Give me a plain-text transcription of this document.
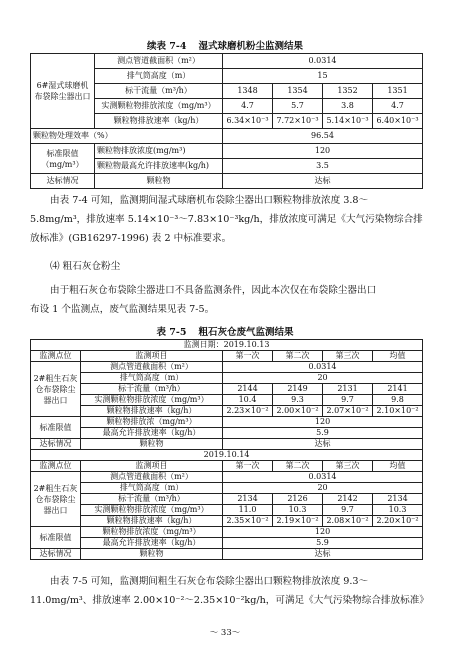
续表 7-4 湿式球磨机粉尘监测结果
6#湿式球磨机布袋除尘器出口	测点管道截面积（m²）	0.0314			
	排气筒高度（m）	15			
	标干流量（m³/h）	1348	1354	1352	1351
	实测颗粒物排放浓度（mg/m³）	4.7	5.7	3.8	4.7
	颗粒物排放速率（kg/h）	6.34×10⁻³	7.72×10⁻³	5.14×10⁻³	6.40×10⁻³
颗粒物处理效率（%）		96.54			
标准限值（mg/m³）	颗粒物排放浓度(mg/m³)	120			
	颗粒物最高允许排放速率(kg/h)	3.5			
达标情况	颗粒物	达标			
由表 7-4 可知，监测期间湿式球磨机布袋除尘器出口颗粒物排放浓度 3.8～
5.8mg/m³，排放速率 5.14×10⁻³～7.83×10⁻³kg/h，排放浓度可满足《大气污染物综合排
放标准》(GB16297-1996) 表 2 中标准要求。
⑷ 粗石灰仓粉尘
由于粗石灰仓布袋除尘器进口不具备监测条件，因此本次仅在布袋除尘器出口
布设 1 个监测点，废气监测结果见表 7-5。
表 7-5 粗石灰仓废气监测结果
监测日期：2019.10.13					
监测点位	监测项目	第一次	第二次	第三次	均值
2#粗生石灰仓布袋除尘器出口	测点管道截面积（m²）	0.0314			
	排气筒高度（m）	20			
	标干流量（m³/h）	2144	2149	2131	2141
	实测颗粒物排放浓度（mg/m³）	10.4	9.3	9.7	9.8
	颗粒物排放速率（kg/h）	2.23×10⁻²	2.00×10⁻²	2.07×10⁻²	2.10×10⁻²
标准限值	颗粒物排放浓（mg/m³）	120			
	最高允许排放速率（kg/h）	5.9			
达标情况	颗粒物	达标			
2019.10.14					
监测点位	监测项目	第一次	第二次	第三次	均值
2#粗生石灰仓布袋除尘器出口	测点管道截面积（m²）	0.0314			
	排气筒高度（m）	20			
	标干流量（m³/h）	2134	2126	2142	2134
	实测颗粒物排放浓度（mg/m³）	11.0	10.3	9.7	10.3
	颗粒物排放速率（kg/h）	2.35×10⁻²	2.19×10⁻²	2.08×10⁻²	2.20×10⁻²
标准限值	颗粒物排放浓度（mg/m³）	120			
	最高允许排放速率（kg/h）	5.9			
达标情况	颗粒物	达标			
由表 7-5 可知，监测期间粗生石灰仓布袋除尘器出口颗粒物排放浓度 9.3～
11.0mg/m³、排放速率 2.00×10⁻²～2.35×10⁻²kg/h，可满足《大气污染物综合排放标准》
～ 33～
